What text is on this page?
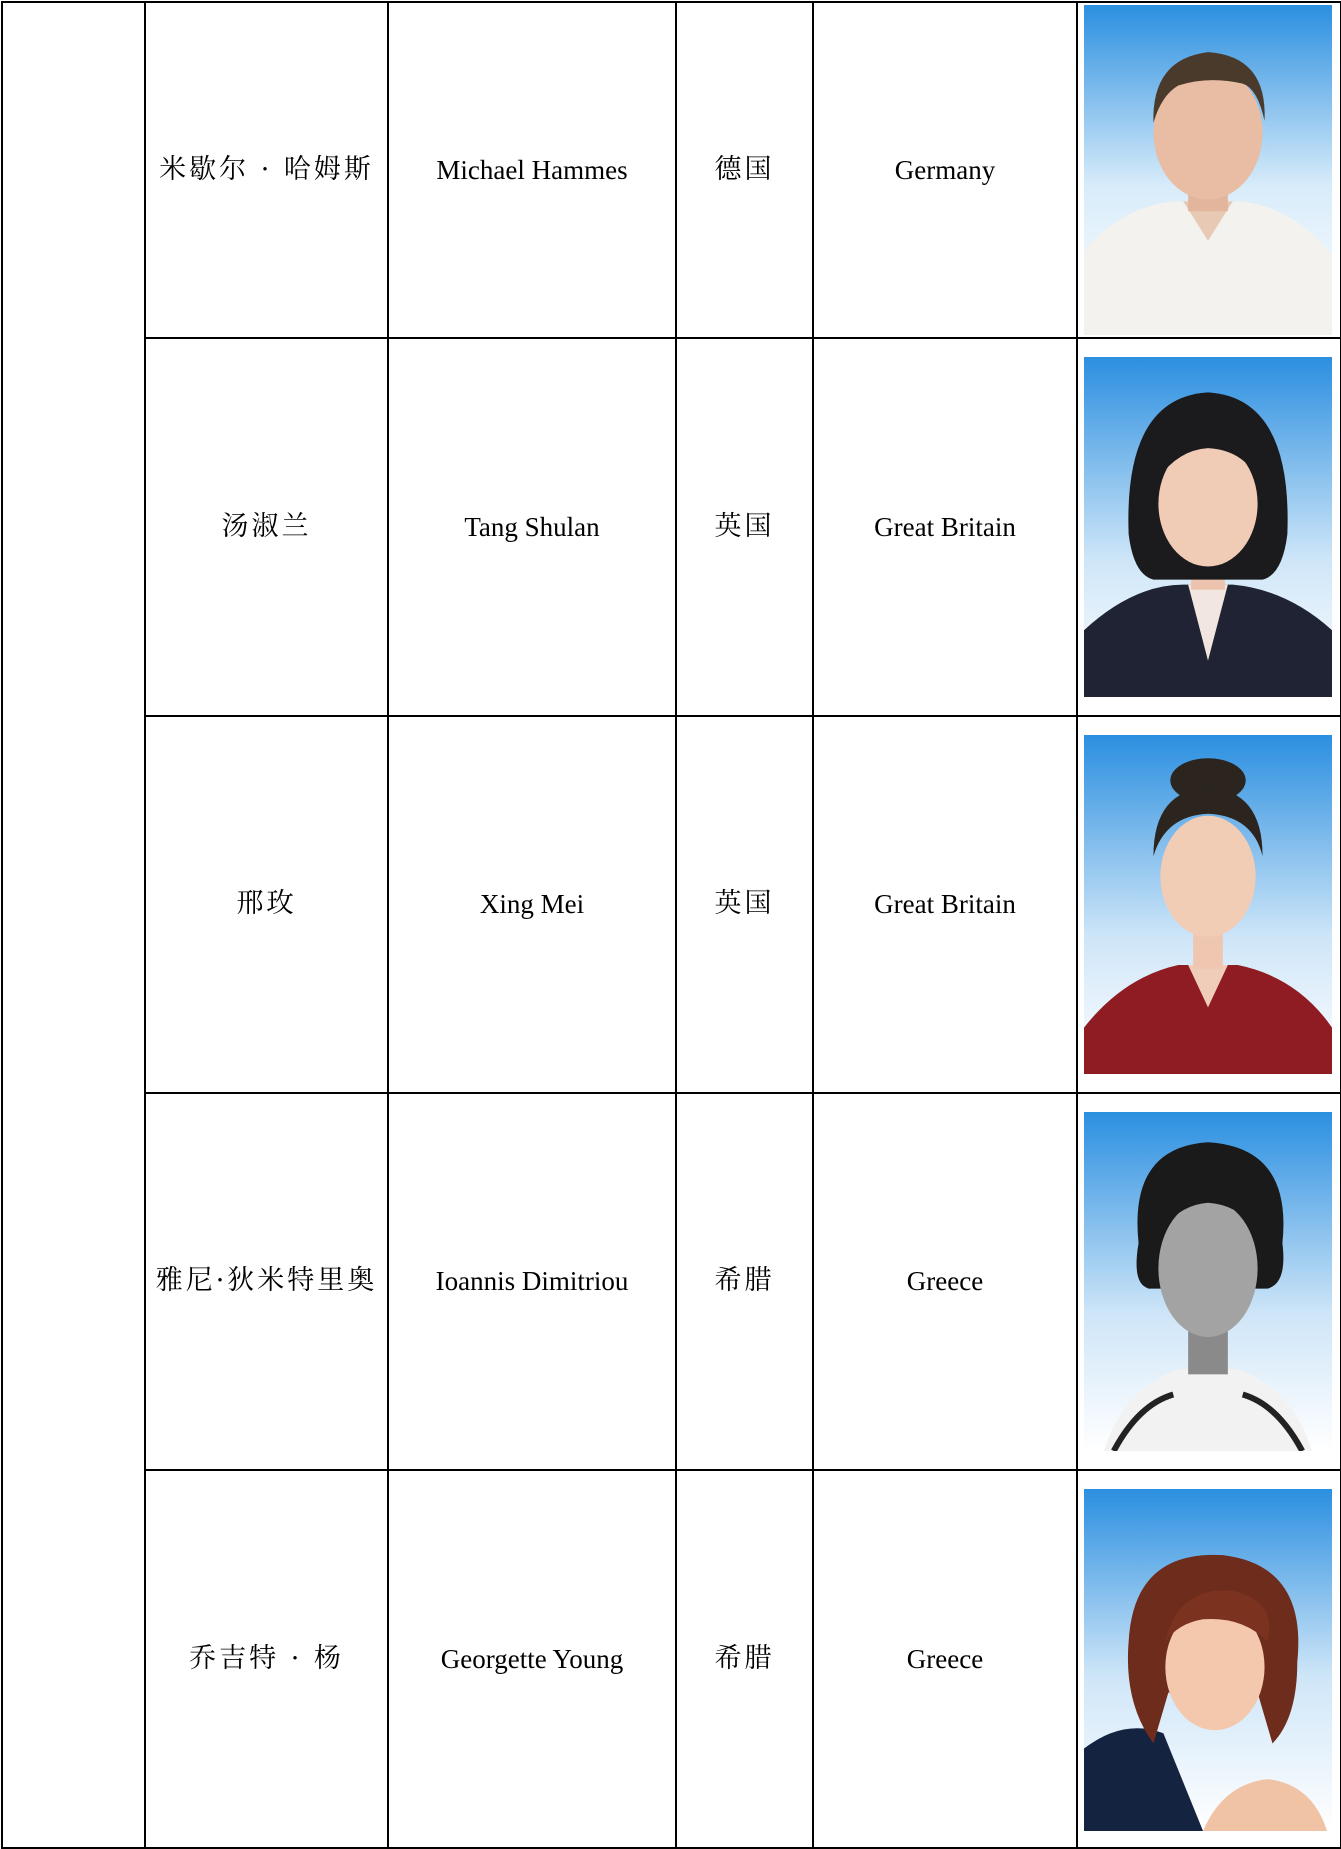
	米歇尔 · 哈姆斯	Michael Hammes	德国	Germany	

	汤淑兰	Tang Shulan	英国	Great Britain	

	邢玫	Xing Mei	英国	Great Britain	

	雅尼·狄米特里奥	Ioannis Dimitriou	希腊	Greece	

	乔吉特 · 杨	Georgette Young	希腊	Greece	
